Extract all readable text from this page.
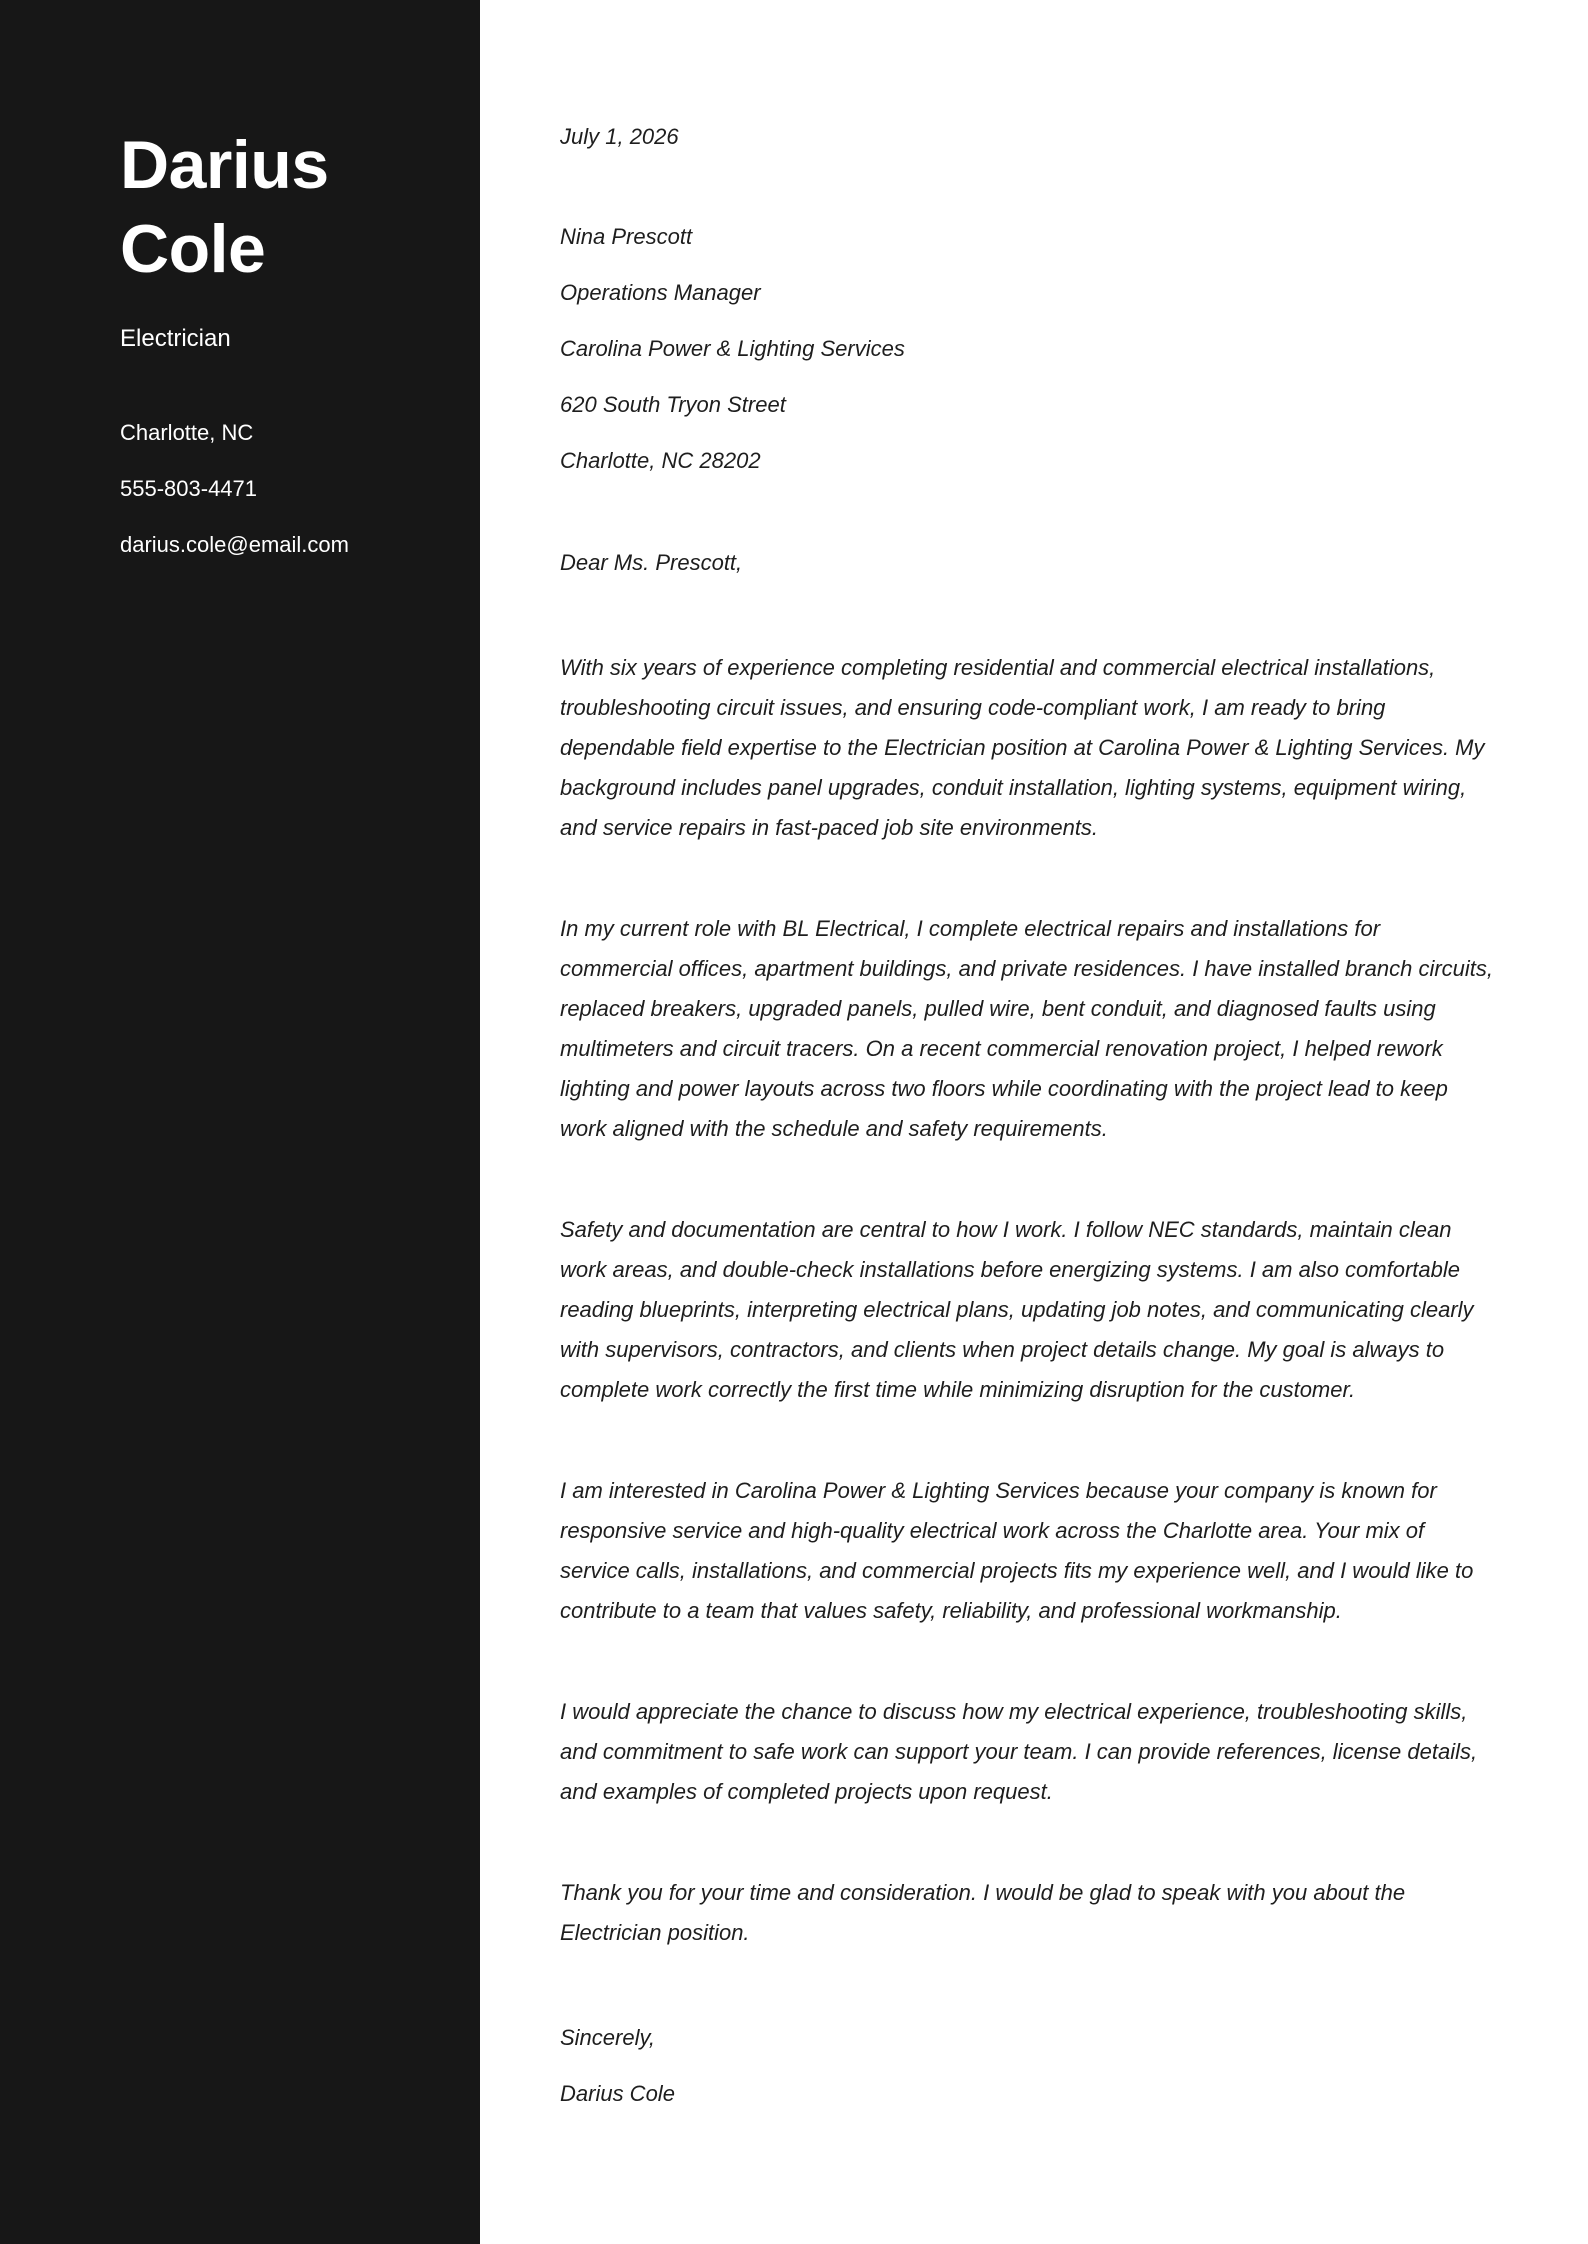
Darius
Cole
Electrician
Charlotte, NC
555-803-4471
darius.cole@email.com

July 1, 2026

Nina Prescott
Operations Manager
Carolina Power & Lighting Services
620 South Tryon Street
Charlotte, NC 28202

Dear Ms. Prescott,

With six years of experience completing residential and commercial electrical installations, troubleshooting circuit issues, and ensuring code-compliant work, I am ready to bring dependable field expertise to the Electrician position at Carolina Power & Lighting Services. My background includes panel upgrades, conduit installation, lighting systems, equipment wiring, and service repairs in fast-paced job site environments.

In my current role with BL Electrical, I complete electrical repairs and installations for commercial offices, apartment buildings, and private residences. I have installed branch circuits, replaced breakers, upgraded panels, pulled wire, bent conduit, and diagnosed faults using multimeters and circuit tracers. On a recent commercial renovation project, I helped rework lighting and power layouts across two floors while coordinating with the project lead to keep work aligned with the schedule and safety requirements.

Safety and documentation are central to how I work. I follow NEC standards, maintain clean work areas, and double-check installations before energizing systems. I am also comfortable reading blueprints, interpreting electrical plans, updating job notes, and communicating clearly with supervisors, contractors, and clients when project details change. My goal is always to complete work correctly the first time while minimizing disruption for the customer.

I am interested in Carolina Power & Lighting Services because your company is known for responsive service and high-quality electrical work across the Charlotte area. Your mix of service calls, installations, and commercial projects fits my experience well, and I would like to contribute to a team that values safety, reliability, and professional workmanship.

I would appreciate the chance to discuss how my electrical experience, troubleshooting skills, and commitment to safe work can support your team. I can provide references, license details, and examples of completed projects upon request.

Thank you for your time and consideration. I would be glad to speak with you about the Electrician position.

Sincerely,
Darius Cole
